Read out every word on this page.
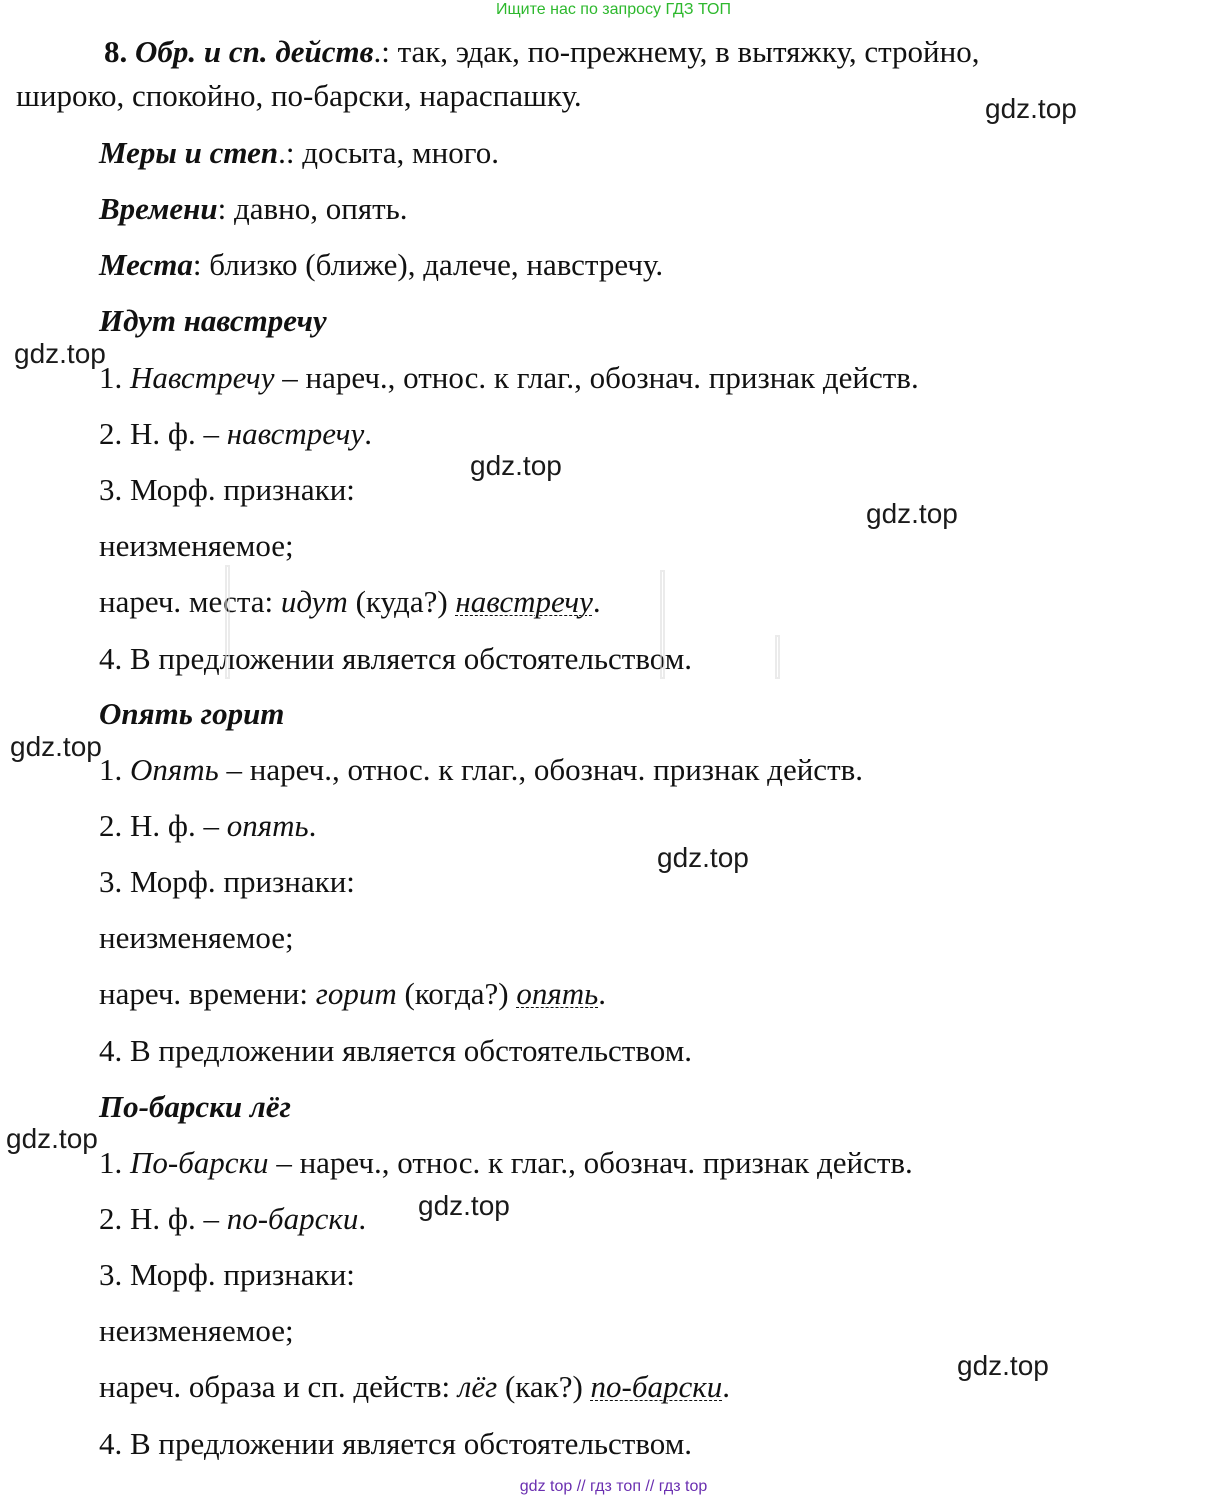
Ищите нас по запросу ГДЗ ТОП
8. Обр. и сп. действ.: так, эдак, по-прежнему, в вытяжку, стройно,
широко, спокойно, по-барски, нараспашку.
Меры и степ.: досыта, много.
Времени: давно, опять.
Места: близко (ближе), далече, навстречу.
Идут навстречу
1. Навстречу – нареч., относ. к глаг., обознач. признак действ.
2. Н. ф. – навстречу.
3. Морф. признаки:
неизменяемое;
нареч. места: идут (куда?) навстречу.
4. В предложении является обстоятельством.
Опять горит
1. Опять – нареч., относ. к глаг., обознач. признак действ.
2. Н. ф. – опять.
3. Морф. признаки:
неизменяемое;
нареч. времени: горит (когда?) опять.
4. В предложении является обстоятельством.
По-барски лёг
1. По-барски – нареч., относ. к глаг., обознач. признак действ.
2. Н. ф. – по-барски.
3. Морф. признаки:
неизменяемое;
нареч. образа и сп. действ: лёг (как?) по-барски.
4. В предложении является обстоятельством.
gdz.top
gdz.top
gdz.top
gdz.top
gdz.top
gdz.top
gdz.top
gdz.top
gdz.top
gdz top // гдз топ // гдз top
